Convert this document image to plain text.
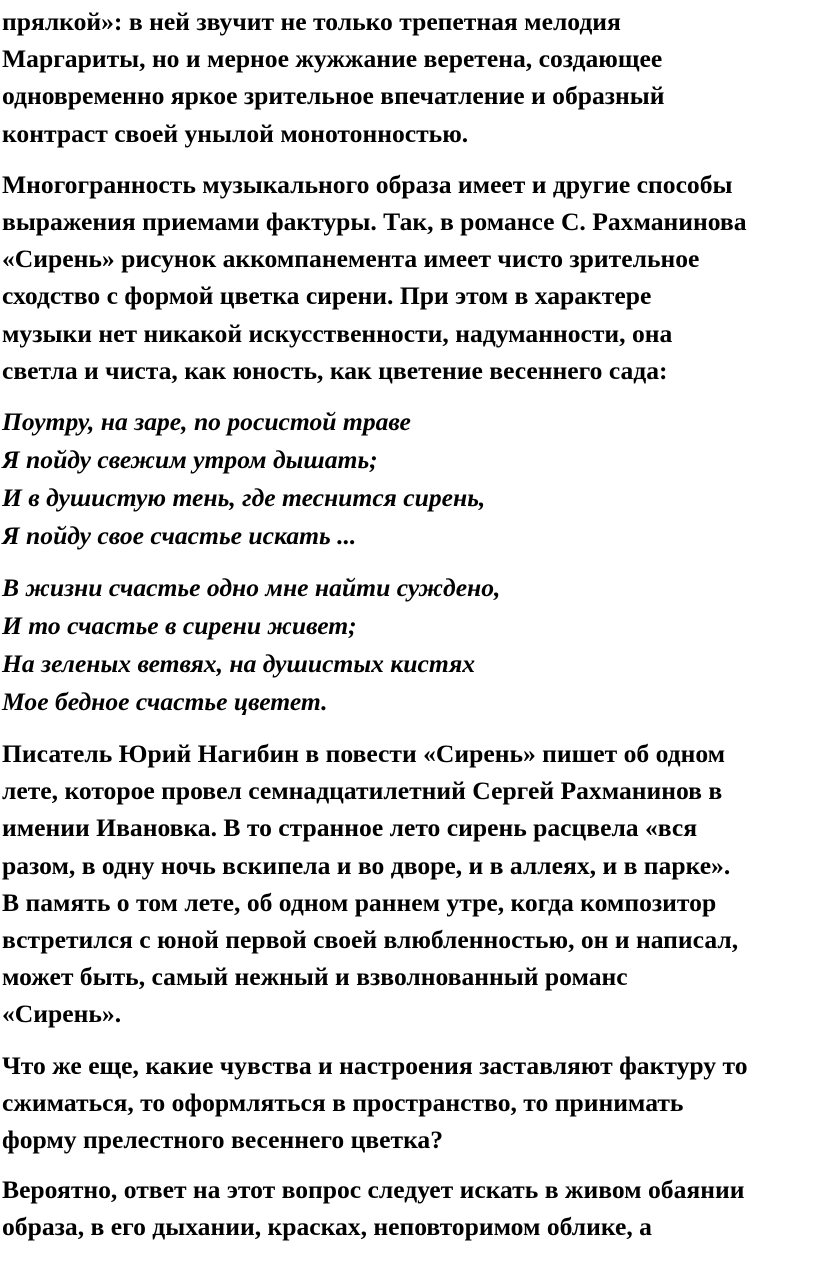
прялкой»: в ней звучит не только трепетная мелодия

Маргариты, но и мерное жужжание веретена, создающее

одновременно яркое зрительное впечатление и образный

контраст своей унылой монотонностью.

Многогранность музыкального образа имеет и другие способы

выражения приемами фактуры. Так, в романсе С. Рахманинова

«Сирень» рисунок аккомпанемента имеет чисто зрительное

сходство с формой цветка сирени. При этом в характере

музыки нет никакой искусственности, надуманности, она

светла и чиста, как юность, как цветение весеннего сада:

Поутру, на заре, по росистой траве

Я пойду свежим утром дышать;

И в душистую тень, где теснится сирень,

Я пойду свое счастье искать ...

В жизни счастье одно мне найти суждено,

И то счастье в сирени живет;

На зеленых ветвях, на душистых кистях

Мое бедное счастье цветет.

Писатель Юрий Нагибин в повести «Сирень» пишет об одном

лете, которое провел семнадцатилетний Сергей Рахманинов в

имении Ивановка. В то странное лето сирень расцвела «вся

разом, в одну ночь вскипела и во дворе, и в аллеях, и в парке».

В память о том лете, об одном раннем утре, когда композитор

встретился с юной первой своей влюбленностью, он и написал,

может быть, самый нежный и взволнованный романс

«Сирень».

Что же еще, какие чувства и настроения заставляют фактуру то

сжиматься, то оформляться в пространство, то принимать

форму прелестного весеннего цветка?

Вероятно, ответ на этот вопрос следует искать в живом обаянии

образа, в его дыхании, красках, неповторимом облике, а
